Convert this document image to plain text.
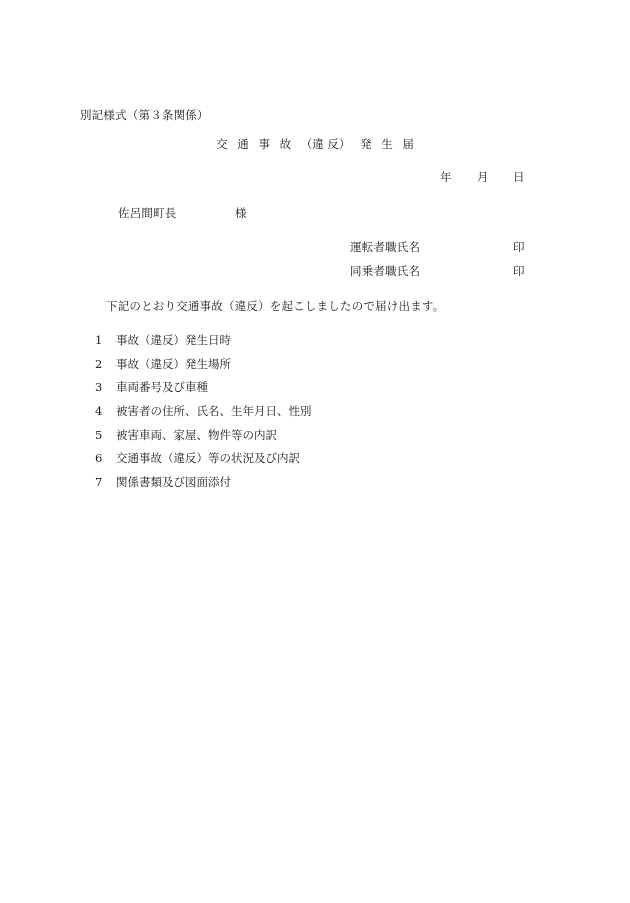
別記様式（第３条関係）
交 通 事 故 （違 反） 発 生 届
年 月 日
佐呂間町長	様
運転者職氏名	印
同乗者職氏名	印
下記のとおり交通事故（違反）を起こしましたので届け出ます。
1 事故（違反）発生日時
2 事故（違反）発生場所
3 車両番号及び車種
4 被害者の住所、氏名、生年月日、性別
5 被害車両、家屋、物件等の内訳
6 交通事故（違反）等の状況及び内訳
7 関係書類及び図面添付
